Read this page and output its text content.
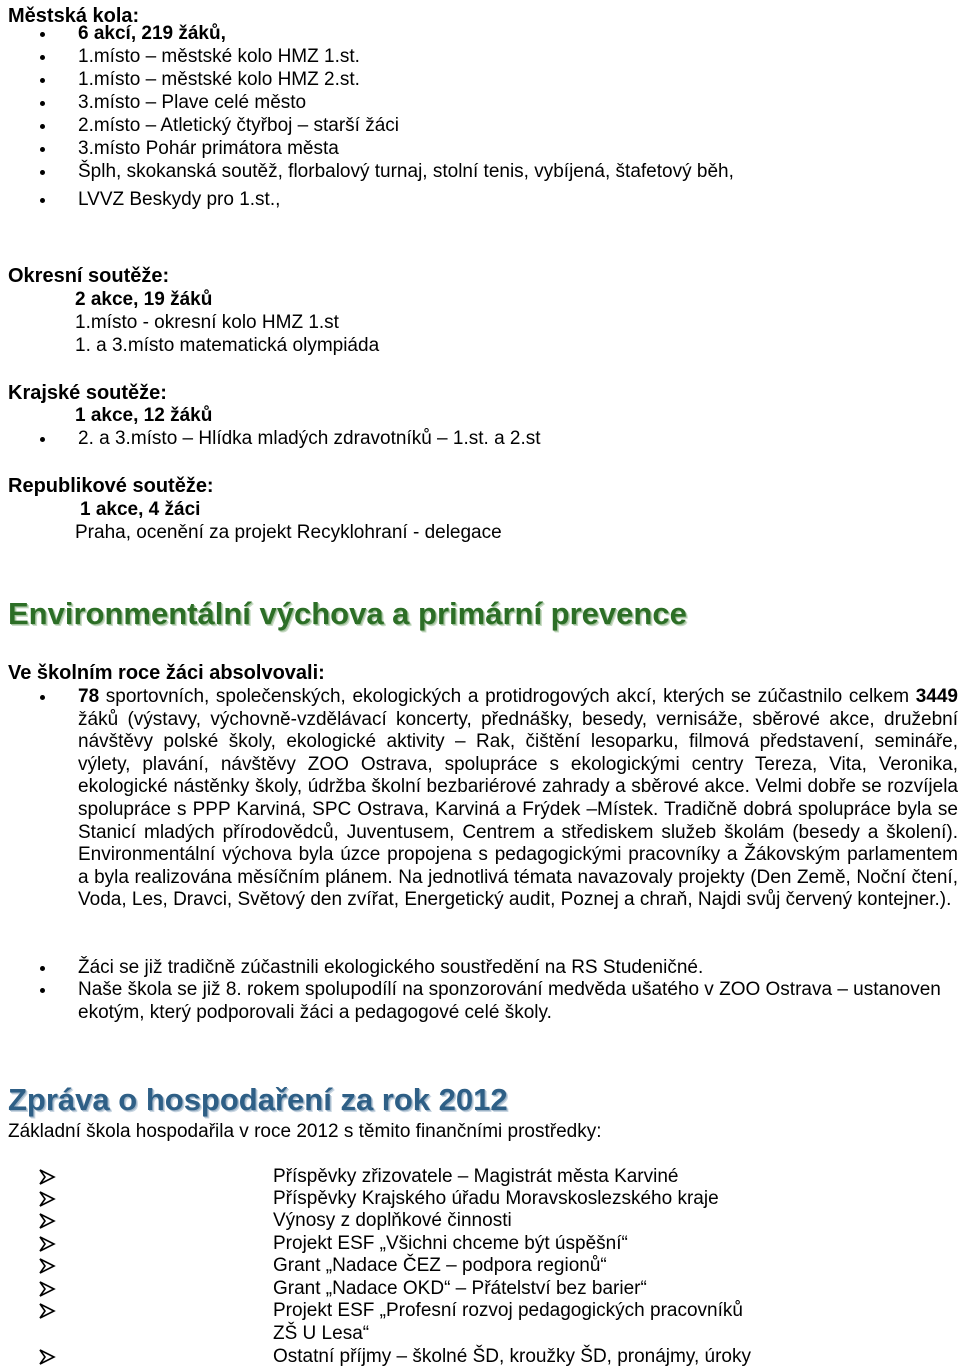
Městská kola:
6 akcí, 219 žáků,
1.místo – městské kolo HMZ 1.st.
1.místo – městské kolo HMZ 2.st.
3.místo – Plave celé město
2.místo – Atletický čtyřboj – starší žáci
3.místo Pohár primátora města
Šplh, skokanská soutěž, florbalový turnaj, stolní tenis, vybíjená, štafetový běh,
LVVZ Beskydy pro 1.st.,
Okresní soutěže:
2 akce, 19 žáků
1.místo - okresní kolo HMZ 1.st
1. a 3.místo matematická olympiáda
Krajské soutěže:
1 akce, 12 žáků
2. a 3.místo – Hlídka mladých zdravotníků – 1.st. a 2.st
Republikové soutěže:
1 akce, 4 žáci
Praha, ocenění za projekt Recyklohraní - delegace
Environmentální výchova a primární prevence
Ve školním roce žáci absolvovali:
78 sportovních, společenských, ekologických a protidrogových akcí, kterých se zúčastnilo celkem 3449 žáků (výstavy, výchovně-vzdělávací koncerty, přednášky, besedy, vernisáže, sběrové akce, družební návštěvy polské školy, ekologické aktivity – Rak, čištění lesoparku, filmová představení, semináře, výlety, plavání, návštěvy ZOO Ostrava, spolupráce s ekologickými centry Tereza, Vita, Veronika, ekologické nástěnky školy, údržba školní bezbariérové zahrady a sběrové akce. Velmi dobře se rozvíjela spolupráce s PPP Karviná, SPC Ostrava, Karviná a Frýdek –Místek. Tradičně dobrá spolupráce byla se Stanicí mladých přírodovědců, Juventusem, Centrem a střediskem služeb školám (besedy a školení). Environmentální výchova byla úzce propojena s pedagogickými pracovníky a Žákovským parlamentem a byla realizována měsíčním plánem. Na jednotlivá témata navazovaly projekty (Den Země, Noční čtení, Voda, Les, Dravci, Světový den zvířat, Energetický audit, Poznej a chraň, Najdi svůj červený kontejner.).
Žáci se již tradičně zúčastnili ekologického soustředění na RS Studeničné.
Naše škola se již 8. rokem spolupodílí na sponzorování medvěda ušatého v ZOO Ostrava – ustanoven ekotým, který podporovali žáci a pedagogové celé školy.
Zpráva o hospodaření za rok 2012
Základní škola hospodařila v roce 2012 s těmito finančními prostředky:
Příspěvky zřizovatele – Magistrát města Karviné
Příspěvky Krajského úřadu Moravskoslezského kraje
Výnosy z doplňkové činnosti
Projekt ESF „Všichni chceme být úspěšní“
Grant „Nadace ČEZ – podpora regionů“
Grant „Nadace OKD“ – Přátelství bez barier“
Projekt ESF „Profesní rozvoj pedagogických pracovníků
ZŠ U Lesa“
Ostatní příjmy – školné ŠD, kroužky ŠD, pronájmy, úroky
